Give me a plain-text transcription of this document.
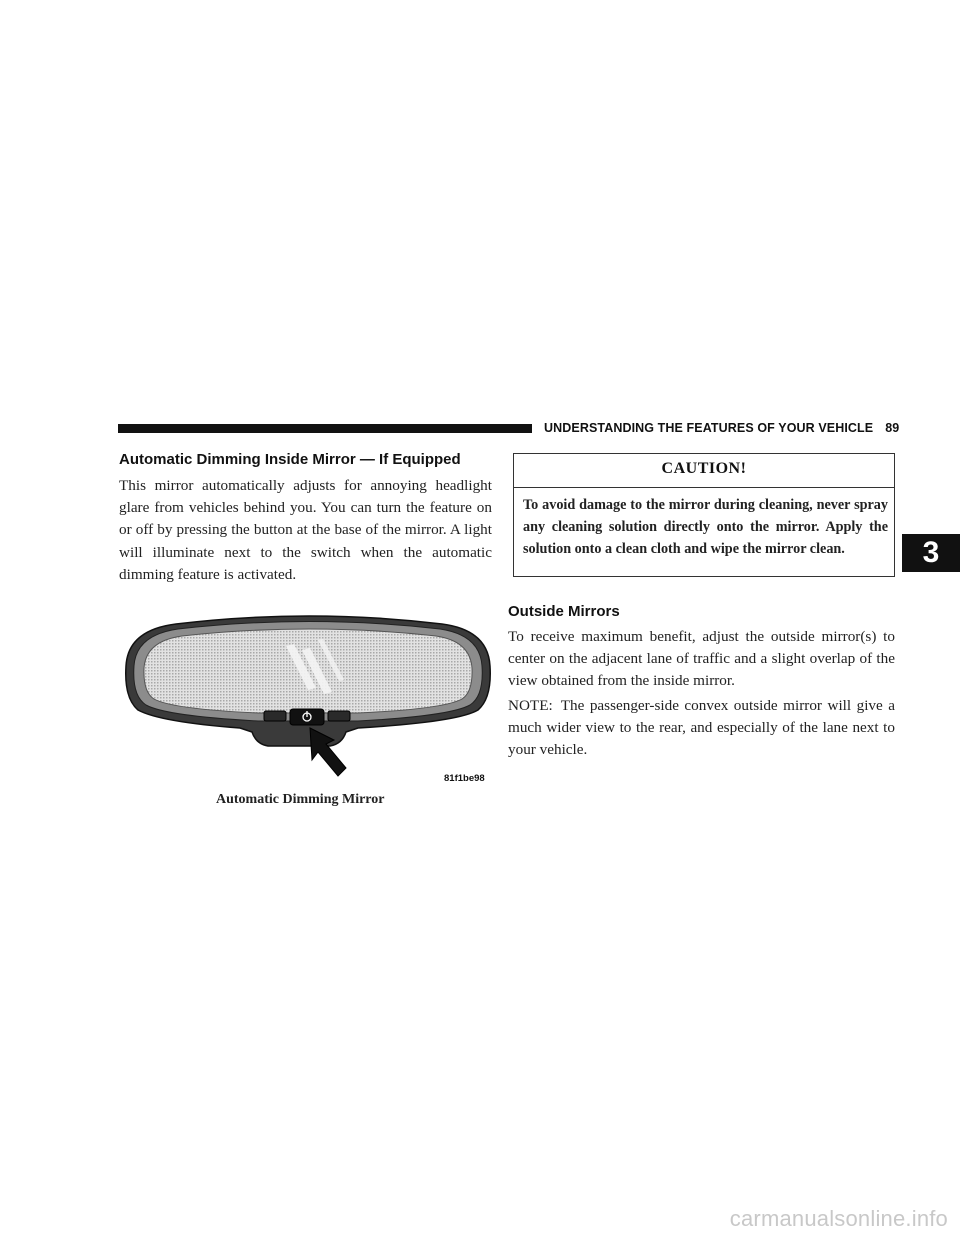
UNDERSTANDING THE FEATURES OF YOUR VEHICLE 89
3
Automatic Dimming Inside Mirror — If Equipped
This mirror automatically adjusts for annoying headlight glare from vehicles behind you. You can turn the feature on or off by pressing the button at the base of the mirror. A light will illuminate next to the switch when the automatic dimming feature is activated.
CAUTION!
To avoid damage to the mirror during cleaning, never spray any cleaning solution directly onto the mirror. Apply the solution onto a clean cloth and wipe the mirror clean.
Outside Mirrors
To receive maximum benefit, adjust the outside mirror(s) to center on the adjacent lane of traffic and a slight overlap of the view obtained from the inside mirror.
NOTE: The passenger-side convex outside mirror will give a much wider view to the rear, and especially of the lane next to your vehicle.
81f1be98
Automatic Dimming Mirror
carmanualsonline.info
